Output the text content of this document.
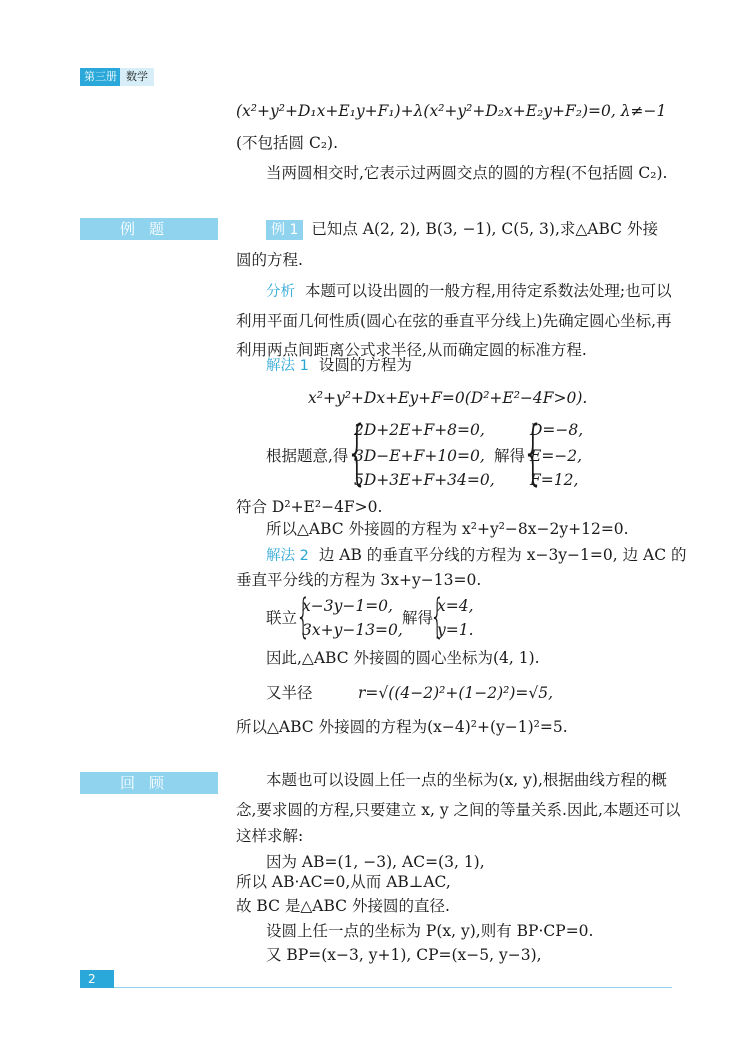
第三册 数学
(x²+y²+D₁x+E₁y+F₁)+λ(x²+y²+D₂x+E₂y+F₂)=0, λ≠−1
(不包括圆 C₂).
当两圆相交时,它表示过两圆交点的圆的方程(不包括圆 C₂).
例题	例 1 已知点 A(2, 2), B(3, −1), C(5, 3),求△ABC 外接
圆的方程.
分析 本题可以设出圆的一般方程,用待定系数法处理;也可以
利用平面几何性质(圆心在弦的垂直平分线上)先确定圆心坐标,再
利用两点间距离公式求半径,从而确定圆的标准方程.
解法 1 设圆的方程为
x²+y²+Dx+Ey+F=0(D²+E²−4F>0).
根据题意,得
{
2D+2E+F+8=0,
3D−E+F+10=0,
5D+3E+F+34=0,
解得
{
D=−8,
E=−2,
F=12,
符合 D²+E²−4F>0.
所以△ABC 外接圆的方程为 x²+y²−8x−2y+12=0.
解法 2 边 AB 的垂直平分线的方程为 x−3y−1=0, 边 AC 的
垂直平分线的方程为 3x+y−13=0.
联立
{
x−3y−1=0,
3x+y−13=0,
解得
{
x=4,
y=1.
因此,△ABC 外接圆的圆心坐标为(4, 1).
又半径	r=√((4−2)²+(1−2)²)=√5,
所以△ABC 外接圆的方程为(x−4)²+(y−1)²=5.
回顾	本题也可以设圆上任一点的坐标为(x, y),根据曲线方程的概
念,要求圆的方程,只要建立 x, y 之间的等量关系.因此,本题还可以
这样求解:
因为 AB=(1, −3), AC=(3, 1),
所以 AB·AC=0,从而 AB⊥AC,
故 BC 是△ABC 外接圆的直径.
设圆上任一点的坐标为 P(x, y),则有 BP·CP=0.
又 BP=(x−3, y+1), CP=(x−5, y−3),
2
